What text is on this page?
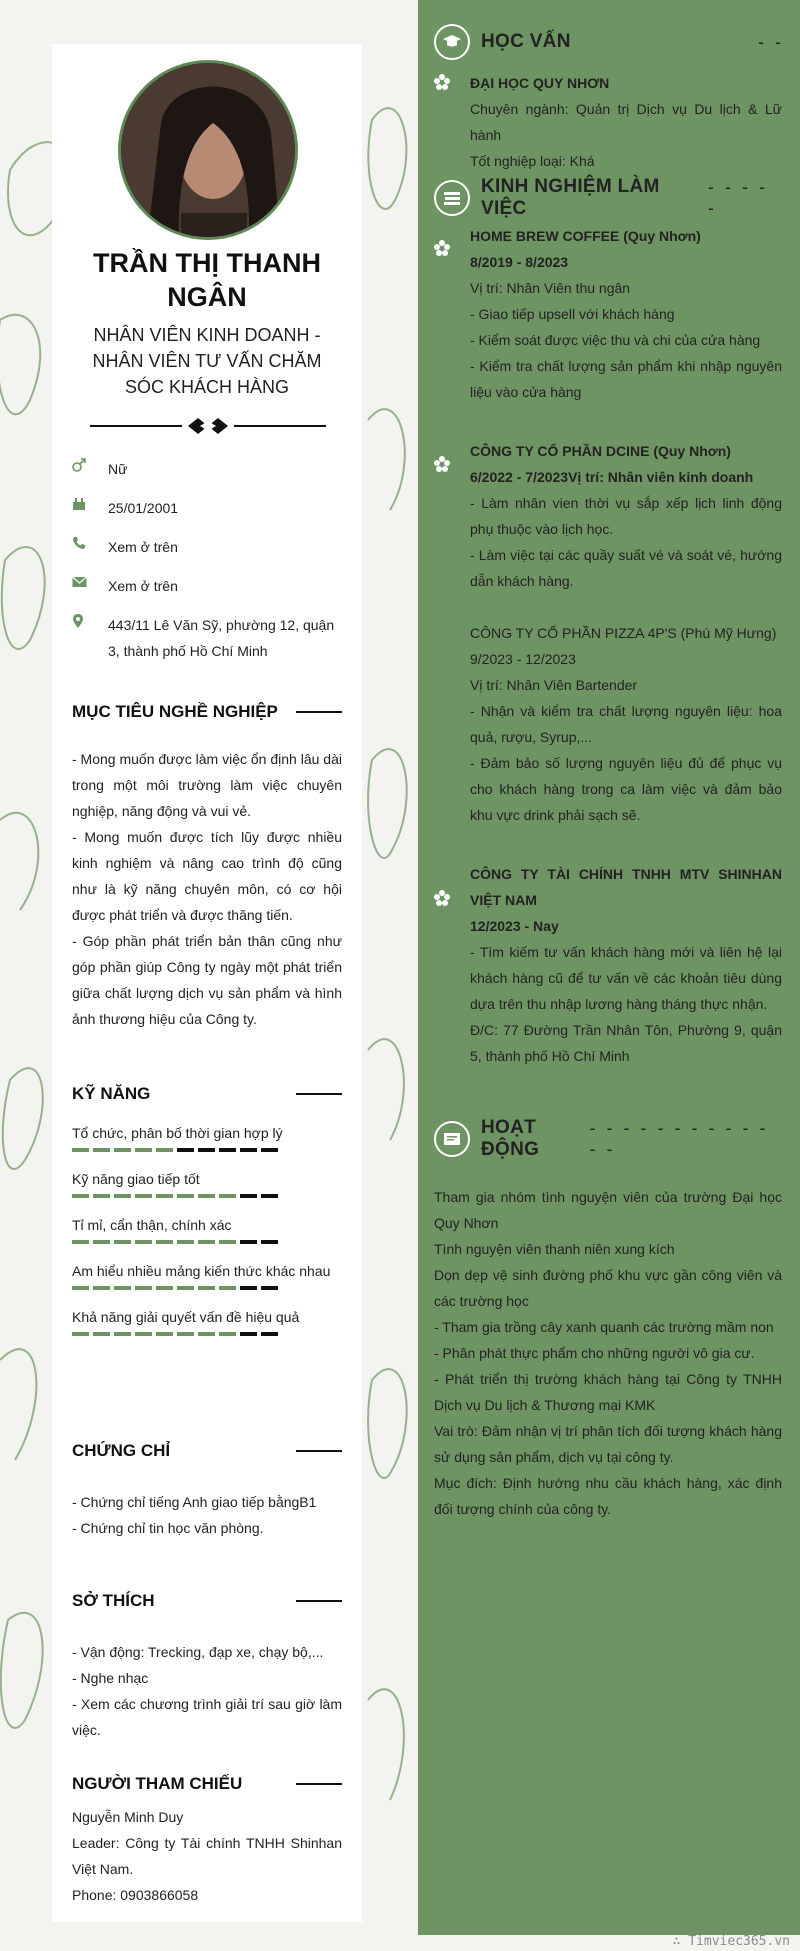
TRẦN THỊ THANH NGÂN
NHÂN VIÊN KINH DOANH - NHÂN VIÊN TƯ VẤN CHĂM SÓC KHÁCH HÀNG
Nữ
25/01/2001
Xem ở trên
Xem ở trên
443/11 Lê Văn Sỹ, phường 12, quận 3, thành phố Hồ Chí Minh
MỤC TIÊU NGHỀ NGHIỆP

- Mong muốn được làm việc ổn định lâu dài trong một môi trường làm việc chuyên nghiệp, năng động và vui vẻ.

- Mong muốn được tích lũy được nhiều kinh nghiệm và nâng cao trình độ cũng như là kỹ năng chuyên môn, có cơ hội được phát triển và được thăng tiến.

- Góp phần phát triển bản thân cũng như góp phần giúp Công ty ngày một phát triển giữa chất lượng dịch vụ sản phẩm và hình ảnh thương hiệu của Công ty.

KỸ NĂNG
Tổ chức, phân bố thời gian hợp lý
Kỹ năng giao tiếp tốt
Tỉ mỉ, cẩn thận, chính xác
Am hiểu nhiều mảng kiến thức khác nhau
Khả năng giải quyết vấn đề hiệu quả
CHỨNG CHỈ

- Chứng chỉ tiếng Anh giao tiếp bằngB1

- Chứng chỉ tin học văn phòng.

SỞ THÍCH

- Vận động: Trecking, đạp xe, chạy bộ,...

- Nghe nhạc

- Xem các chương trình giải trí sau giờ làm việc.

NGƯỜI THAM CHIẾU

Nguyễn Minh Duy

Leader: Công ty Tài chính TNHH Shinhan Việt Nam.

Phone: 0903866058

HỌC VẤN	- -

ĐẠI HỌC QUY NHƠN

Chuyên ngành: Quản trị Dịch vụ Du lịch & Lữ hành

Tốt nghiệp loại: Khá

KINH NGHIỆM LÀM VIỆC
- - - - -

HOME BREW COFFEE (Quy Nhơn)

8/2019 - 8/2023

Vị trí: Nhân Viên thu ngân

- Giao tiếp upsell với khách hàng

- Kiểm soát được việc thu và chi của cửa hàng

- Kiểm tra chất lượng sản phẩm khi nhập nguyên liệu vào cửa hàng

CÔNG TY CỔ PHẦN DCINE (Quy Nhơn)

6/2022 - 7/2023Vị trí: Nhân viên kinh doanh

- Làm nhân vien thời vụ sắp xếp lịch linh động phụ thuộc vào lịch học.

- Làm việc tại các quầy suất vé và soát vé, hướng dẫn khách hàng.

CÔNG TY CỔ PHẦN PIZZA 4P'S (Phú Mỹ Hưng)

9/2023 - 12/2023

Vị trí: Nhân Viên Bartender

- Nhận và kiểm tra chất lượng nguyên liệu: hoa quả, rượu, Syrup,...

- Đảm bảo số lượng nguyên liệu đủ để phục vụ cho khách hàng trong ca làm việc và đảm bảo khu vực drink phải sạch sẽ.

CÔNG TY TÀI CHÍNH TNHH MTV SHINHAN VIỆT NAM

12/2023 - Nay

- Tìm kiếm tư vấn khách hàng mới và liên hệ lại khách hàng cũ để tư vấn về các khoản tiêu dùng dựa trên thu nhập lương hàng tháng thực nhận.

Đ/C: 77 Đường Trần Nhân Tôn, Phường 9, quận 5, thành phố Hồ Chí Minh

HOẠT ĐỘNG
- - - - - - - - - - - - -

Tham gia nhóm tình nguyện viên của trường Đại học Quy Nhơn

Tình nguyện viên thanh niên xung kích

Dọn dẹp vệ sinh đường phố khu vực gần công viên và các trường học

- Tham gia trồng cây xanh quanh các trường mầm non

- Phân phát thực phẩm cho những người vô gia cư.

- Phát triển thị trường khách hàng tại Công ty TNHH Dịch vụ Du lịch & Thương mại KMK

Vai trò: Đảm nhận vị trí phân tích đối tượng khách hàng sử dụng sản phẩm, dịch vụ tại công ty.

Mục đích: Định hướng nhu cầu khách hàng, xác định đối tượng chính của công ty.

∴ Timviec365.vn
